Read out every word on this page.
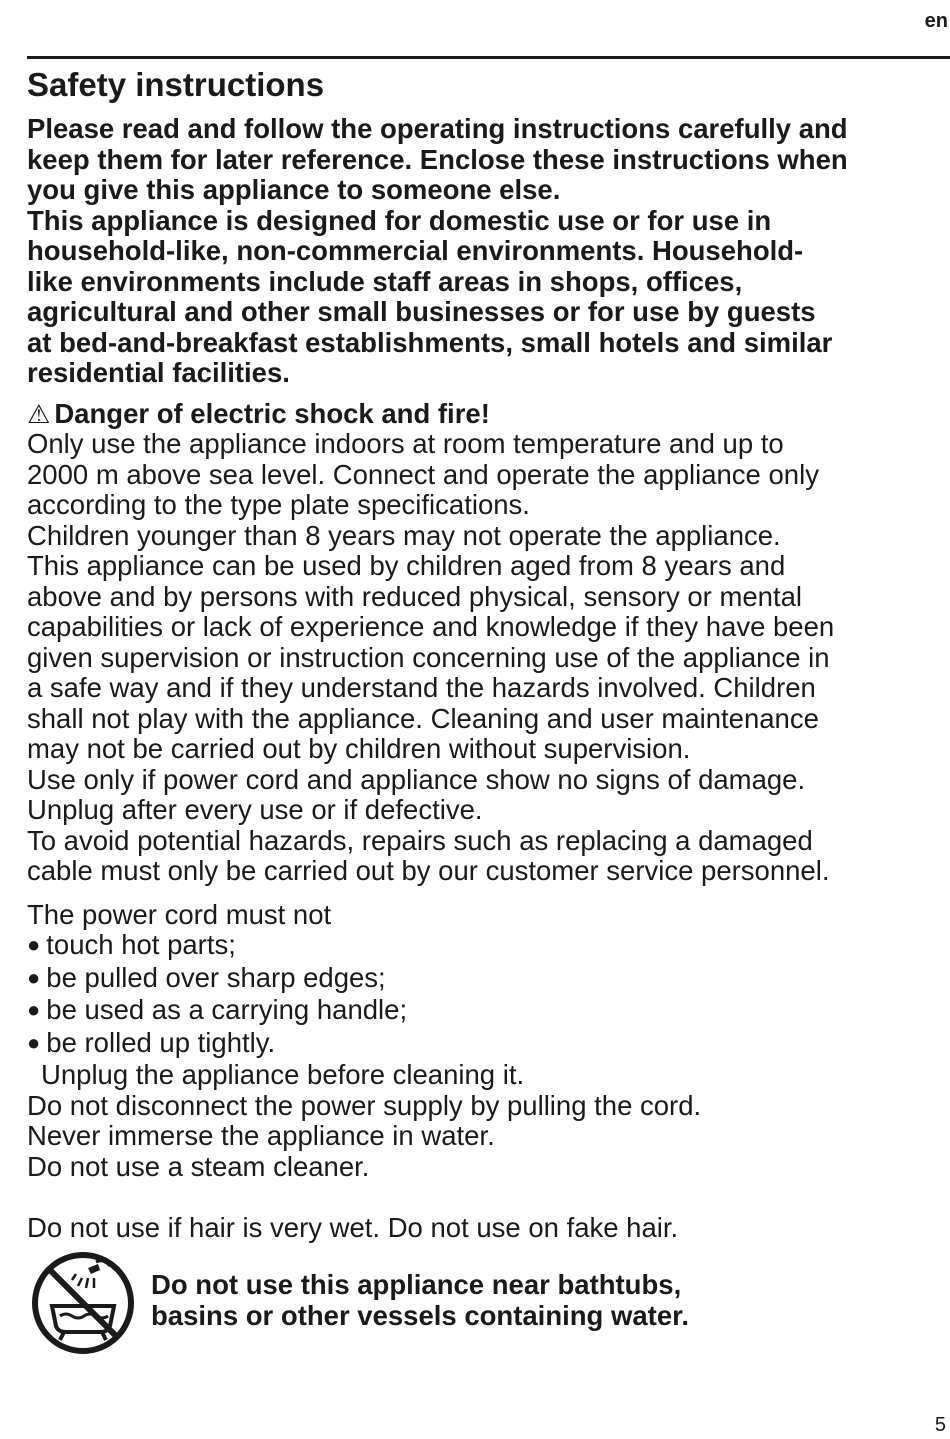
en
Safety instructions

Please read and follow the operating instructions carefully and

keep them for later reference. Enclose these instructions when

you give this appliance to someone else.

This appliance is designed for domestic use or for use in

household-like, non-commercial environments. Household-

like environments include staff areas in shops, offices,

agricultural and other small businesses or for use by guests

at bed-and-breakfast establishments, small hotels and similar

residential facilities.

⚠ Danger of electric shock and fire!

Only use the appliance indoors at room temperature and up to

2000 m above sea level. Connect and operate the appliance only

according to the type plate specifications.

Children younger than 8 years may not operate the appliance.

This appliance can be used by children aged from 8 years and

above and by persons with reduced physical, sensory or mental

capabilities or lack of experience and knowledge if they have been

given supervision or instruction concerning use of the appliance in

a safe way and if they understand the hazards involved. Children

shall not play with the appliance. Cleaning and user maintenance

may not be carried out by children without supervision.

Use only if power cord and appliance show no signs of damage.

Unplug after every use or if defective.

To avoid potential hazards, repairs such as replacing a damaged

cable must only be carried out by our customer service personnel.

The power cord must not

● touch hot parts;
● be pulled over sharp edges;
● be used as a carrying handle;
● be rolled up tightly.

Unplug the appliance before cleaning it.

Do not disconnect the power supply by pulling the cord.

Never immerse the appliance in water.

Do not use a steam cleaner.

Do not use if hair is very wet. Do not use on fake hair.

Do not use this appliance near bathtubs,
basins or other vessels containing water.
5
